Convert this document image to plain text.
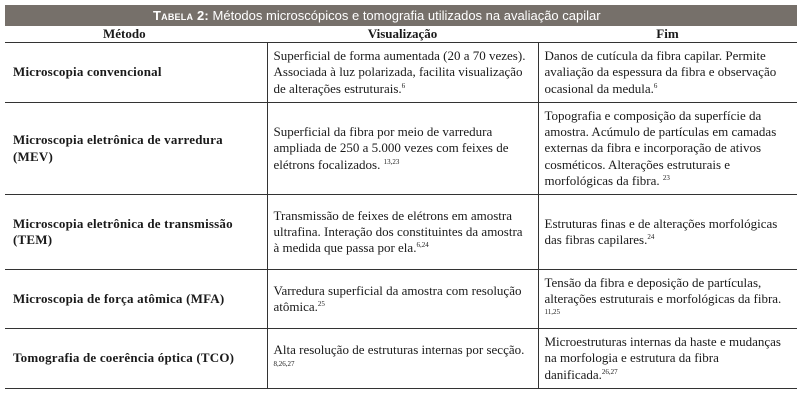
Tabela 2: Métodos microscópicos e tomografia utilizados na avaliação capilar
Método	Visualização	Fim
Microscopia convencional	Superficial de forma aumentada (20 a 70 vezes). Associada à luz polarizada, facilita visualização de alterações estruturais.$^6$	Danos de cutícula da fibra capilar. Permite avaliação da espessura da fibra e observação ocasional da medula.$^6$
Microscopia eletrônica de varredura (MEV)	Superficial da fibra por meio de varredura ampliada de 250 a 5.000 vezes com feixes de elétrons focalizados. $^{13,23}$	Topografia e composição da superfície da amostra. Acúmulo de partículas em camadas externas da fibra e incorporação de ativos cosméticos. Alterações estruturais e morfológicas da fibra. $^{23}$
Microscopia eletrônica de transmissão (TEM)	Transmissão de feixes de elétrons em amostra ultrafina. Interação dos constituintes da amostra à medida que passa por ela.$^{6,24}$	Estruturas finas e de alterações morfológicas das fibras capilares.$^{24}$
Microscopia de força atômica (MFA)	Varredura superficial da amostra com resolução atômica.$^{25}$	Tensão da fibra e deposição de partículas, alterações estruturais e morfológicas da fibra. $^{11,25}$
Tomografia de coerência óptica (TCO)	Alta resolução de estruturas internas por secção. $^{8,26,27}$	Microestruturas internas da haste e mudanças na morfologia e estrutura da fibra danificada.$^{26,27}$
